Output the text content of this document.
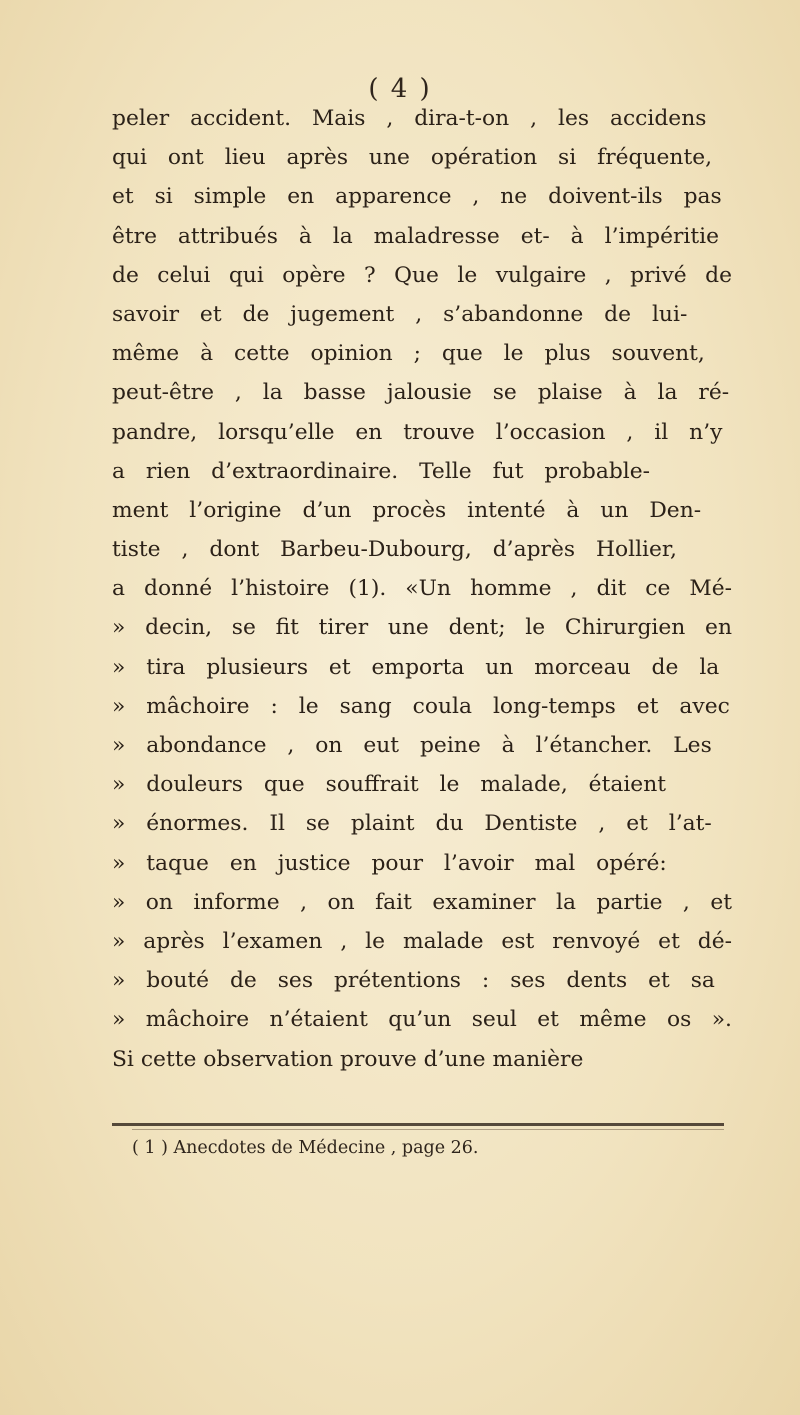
( 4 )
peler accident. Mais , dira-t-on , les accidens
qui ont lieu après une opération si fréquente,
et si simple en apparence , ne doivent-ils pas
être attribués à la maladresse et- à l’impéritie
de celui qui opère ? Que le vulgaire , privé de
savoir et de jugement , s’abandonne de lui-
même à cette opinion ; que le plus souvent,
peut-être , la basse jalousie se plaise à la ré-
pandre, lorsqu’elle en trouve l’occasion , il n’y
a rien d’extraordinaire. Telle fut probable-
ment l’origine d’un procès intenté à un Den-
tiste , dont Barbeu-Dubourg, d’après Hollier,
a donné l’histoire (1). «Un homme , dit ce Mé-
» decin, se fit tirer une dent; le Chirurgien en
» tira plusieurs et emporta un morceau de la
» mâchoire : le sang coula long-temps et avec
» abondance , on eut peine à l’étancher. Les
» douleurs que souffrait le malade, étaient
» énormes. Il se plaint du Dentiste , et l’at-
» taque en justice pour l’avoir mal opéré:
» on informe , on fait examiner la partie , et
» après l’examen , le malade est renvoyé et dé-
» bouté de ses prétentions : ses dents et sa
» mâchoire n’étaient qu’un seul et même os ».
Si cette observation prouve d’une manière
( 1 ) Anecdotes de Médecine , page 26.
